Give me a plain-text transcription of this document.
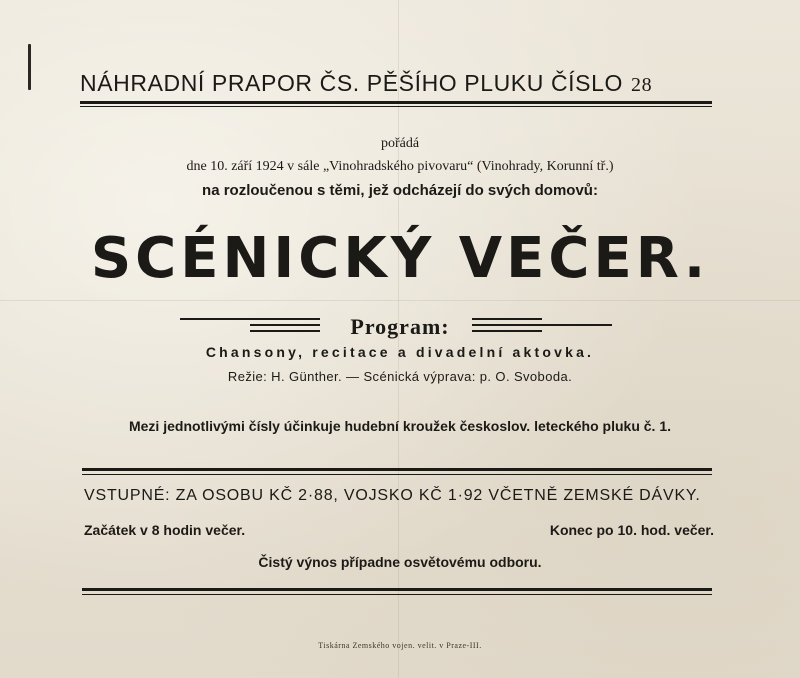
NÁHRADNÍ PRAPOR ČS. PĚŠÍHO PLUKU ČÍSLO 28
pořádá
dne 10. září 1924 v sále „Vinohradského pivovaru“ (Vinohrady, Korunní tř.)
na rozloučenou s těmi, jež odcházejí do svých domovů:
SCÉNICKÝ VEČER.
Program:
Chansony, recitace a divadelní aktovka.
Režie: H. Günther. — Scénická výprava: p. O. Svoboda.
Mezi jednotlivými čísly účinkuje hudební kroužek českoslov. leteckého pluku č. 1.
VSTUPNÉ: ZA OSOBU KČ 2·88, VOJSKO KČ 1·92 VČETNĚ ZEMSKÉ DÁVKY.
Začátek v 8 hodin večer.	Konec po 10. hod. večer.
Čistý výnos případne osvětovému odboru.
Tiskárna Zemského vojen. velit. v Praze-III.
